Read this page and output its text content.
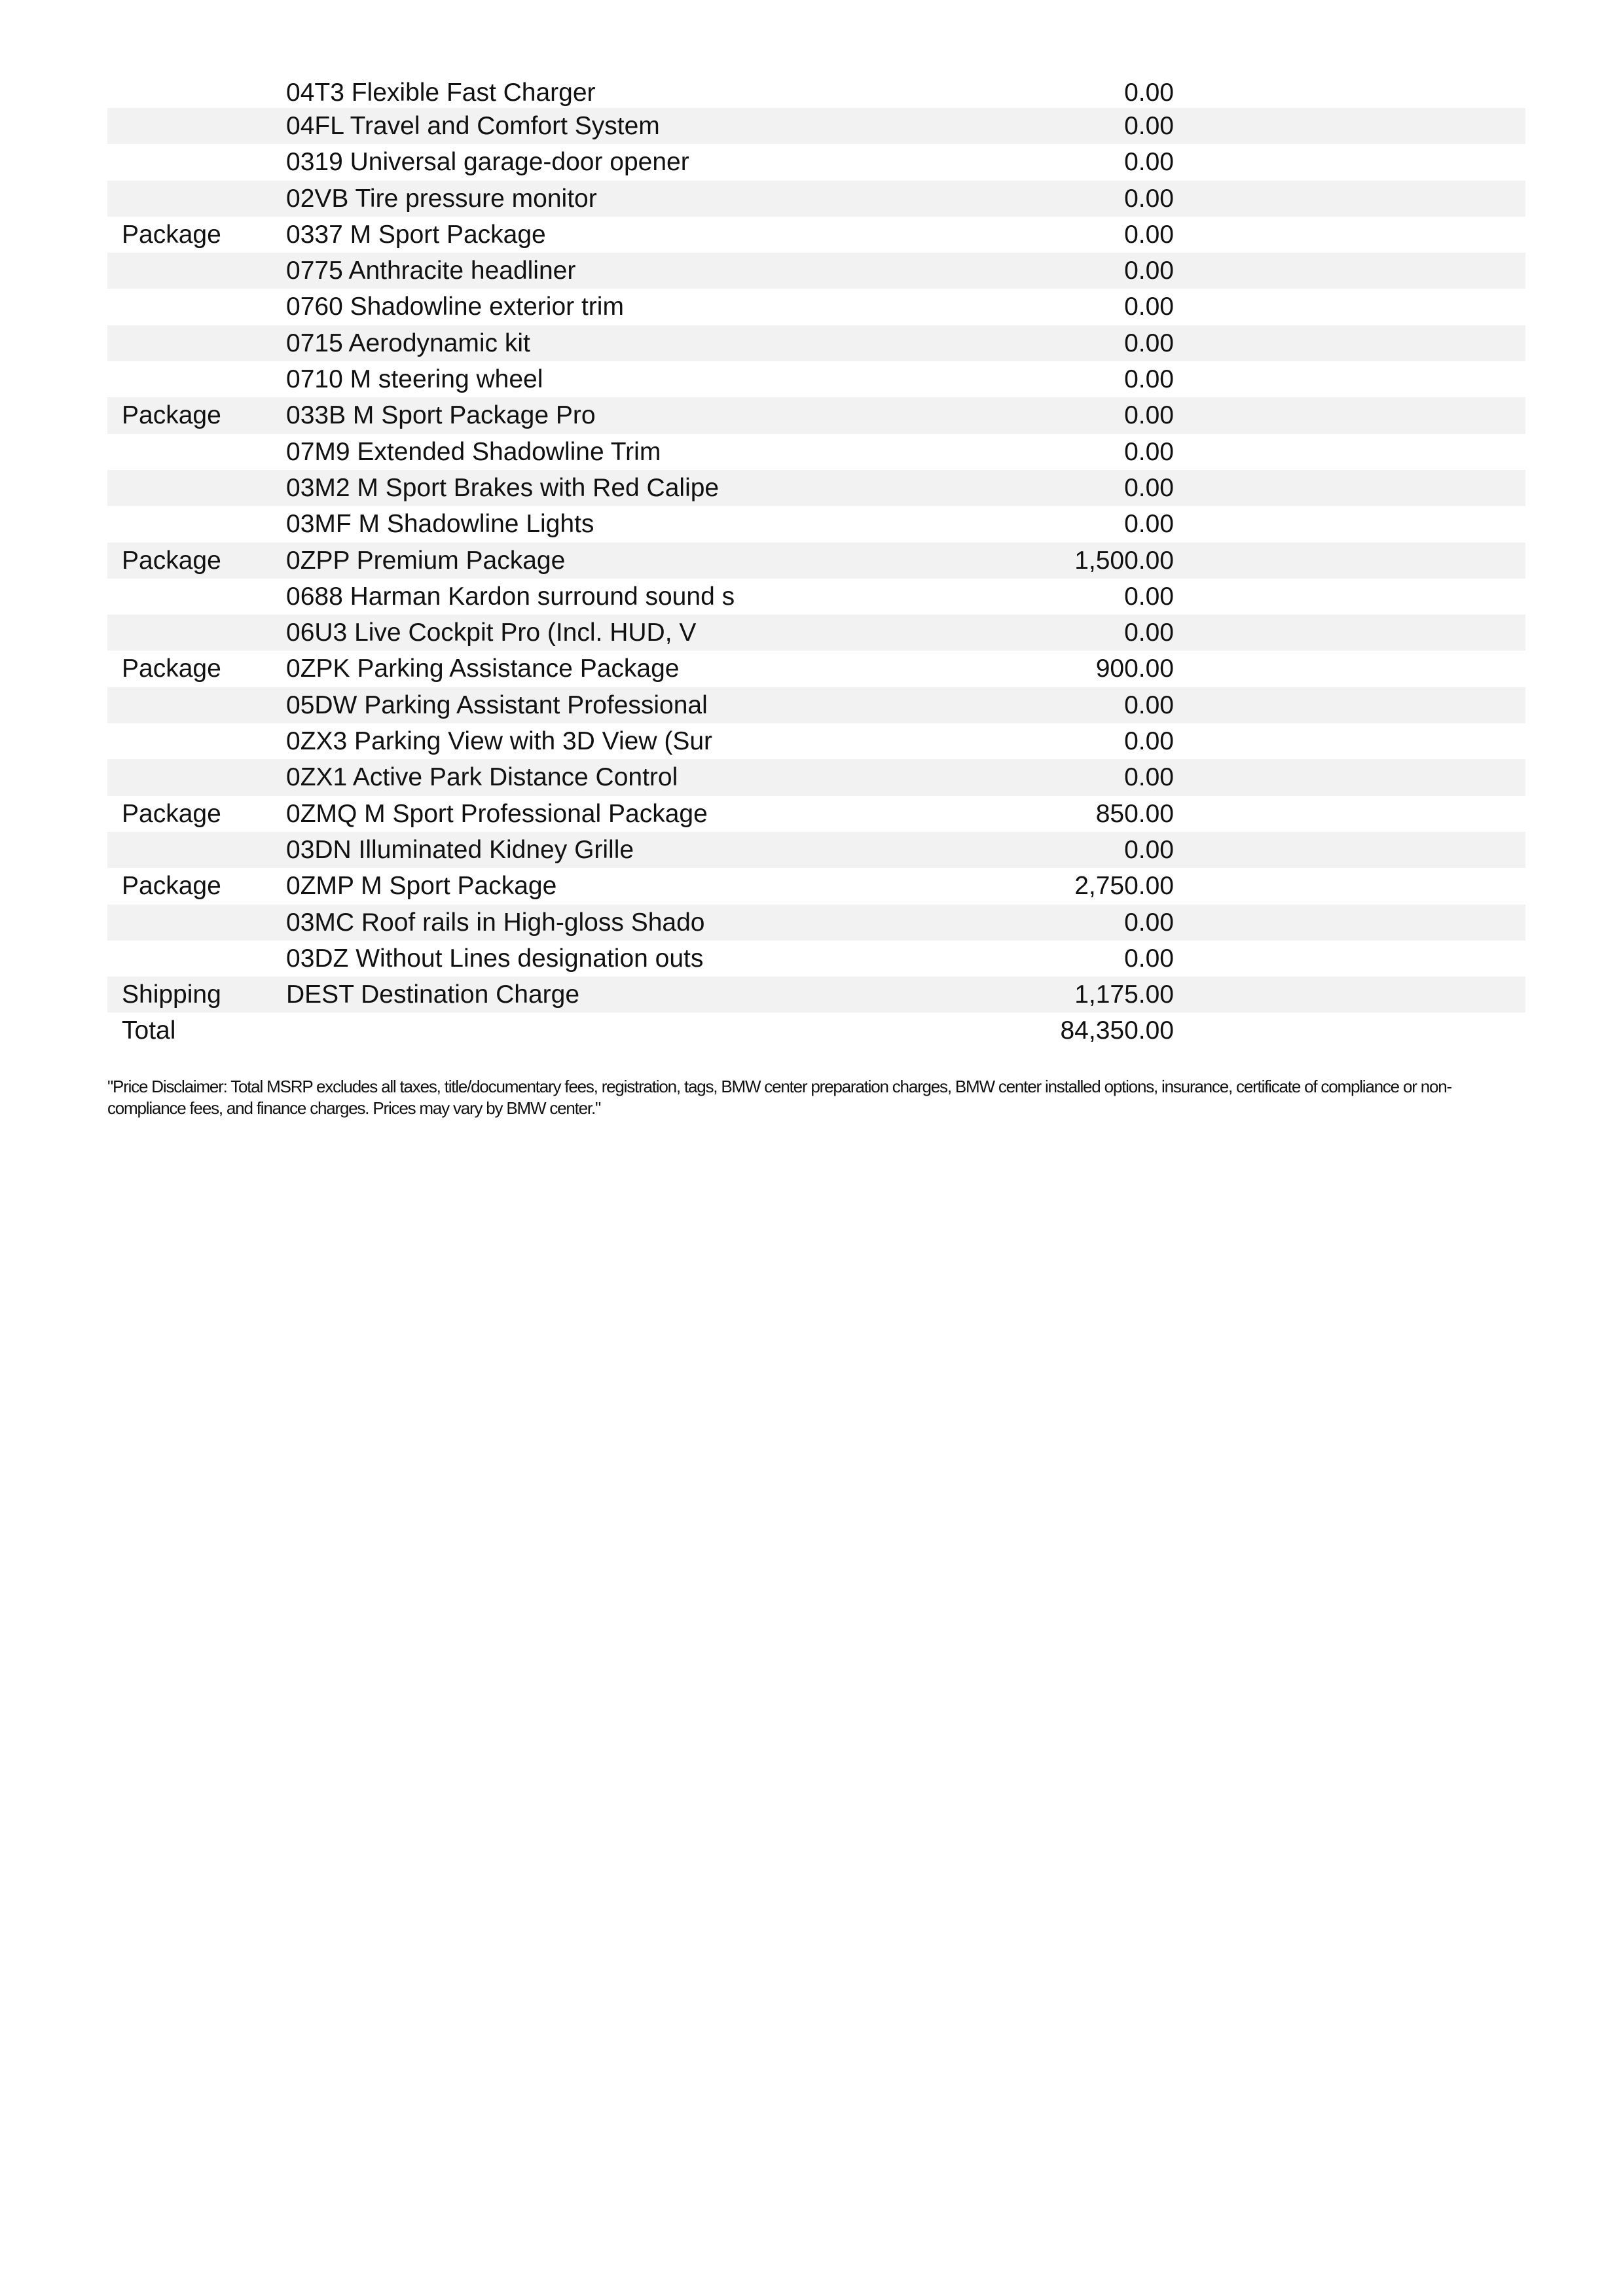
04T3 Flexible Fast Charger	0.00
04FL Travel and Comfort System	0.00
0319 Universal garage-door opener	0.00
02VB Tire pressure monitor	0.00
Package	0337 M Sport Package	0.00
0775 Anthracite headliner	0.00
0760 Shadowline exterior trim	0.00
0715 Aerodynamic kit	0.00
0710 M steering wheel	0.00
Package	033B M Sport Package Pro	0.00
07M9 Extended Shadowline Trim	0.00
03M2 M Sport Brakes with Red Calipe	0.00
03MF M Shadowline Lights	0.00
Package	0ZPP Premium Package	1,500.00
0688 Harman Kardon surround sound s	0.00
06U3 Live Cockpit Pro (Incl. HUD, V	0.00
Package	0ZPK Parking Assistance Package	900.00
05DW Parking Assistant Professional	0.00
0ZX3 Parking View with 3D View (Sur	0.00
0ZX1 Active Park Distance Control	0.00
Package	0ZMQ M Sport Professional Package	850.00
03DN Illuminated Kidney Grille	0.00
Package	0ZMP M Sport Package	2,750.00
03MC Roof rails in High-gloss Shado	0.00
03DZ Without Lines designation outs	0.00
Shipping	DEST Destination Charge	1,175.00
Total	84,350.00
"Price Disclaimer: Total MSRP excludes all taxes, title/documentary fees, registration, tags, BMW center preparation charges, BMW center installed options, insurance, certificate of compliance or non-compliance fees, and finance charges. Prices may vary by BMW center."
